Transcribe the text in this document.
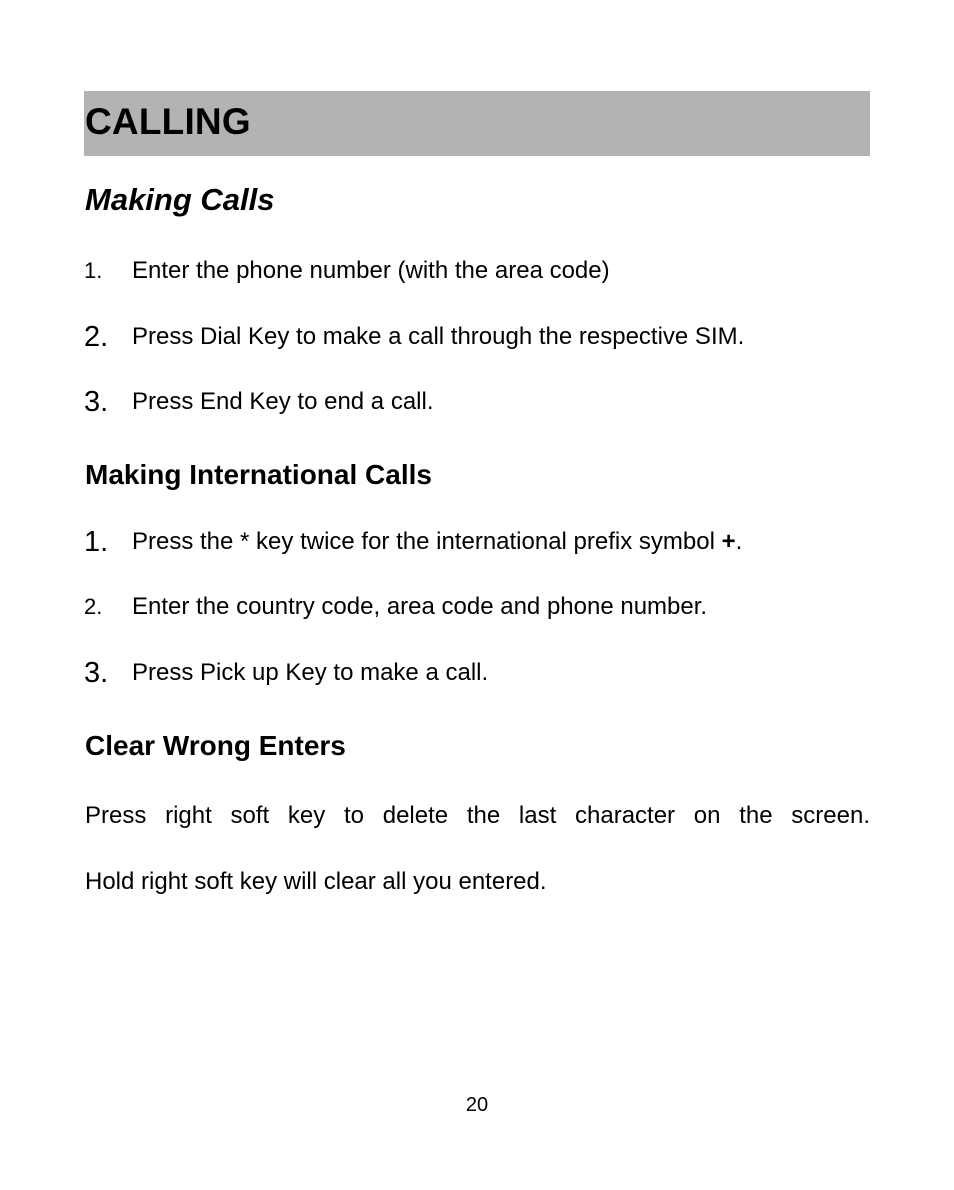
CALLING
Making Calls
1. Enter the phone number (with the area code)
2. Press Dial Key to make a call through the respective SIM.
3. Press End Key to end a call.
Making International Calls
1. Press the * key twice for the international prefix symbol +.
2. Enter the country code, area code and phone number.
3. Press Pick up Key to make a call.
Clear Wrong Enters
Press right soft key to delete the last character on the screen.
Hold right soft key will clear all you entered.
20
